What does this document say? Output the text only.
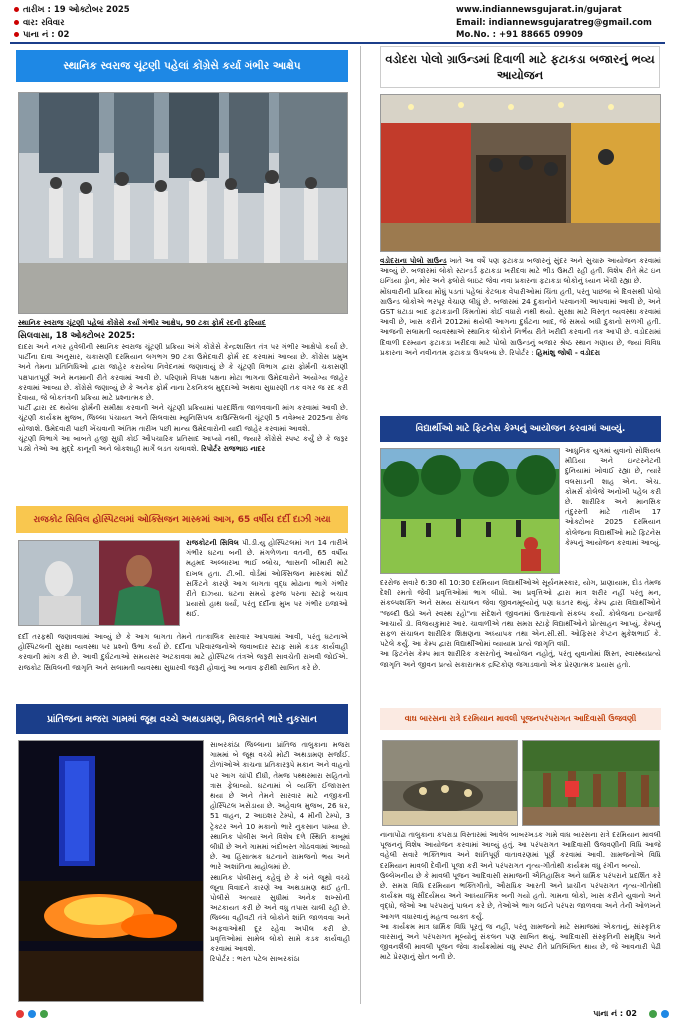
તારીખ : 19 ઓક્ટોબર 2025
વાર: રવિવાર
પાના નં : 02
www.indiannewsgujarat.in/gujarat
Email: indiannewsgujaratreg@gmail.com
Mo.No. : +91 88665 09909
સ્થાનિક સ્વરાજ ચૂંટણી પહેલાં કોંગ્રેસે કર્યા ગંભીર આક્ષેપ
સ્થાનિક સ્વરાજ ચૂંટણી પહેલાં કોંગ્રેસે કર્યા ગંભીર આક્ષેપ, 90 ટકા ફોર્મ રદની ફરિયાદ
સિલવાસા, 18 ઓક્ટોબર 2025:
દાદરા અને નગર હવેલીની સ્થાનિક સ્વરાજ ચૂંટણી પ્રક્રિયા અંગે કોંગ્રેસે કેન્દ્રશાસિત તંત્ર પર ગંભીર આક્ષેપો કર્યા છે. પાર્ટીના દાવા અનુસાર, ચકાસણી દરમિયાન લગભગ 90 ટકા ઉમેદવારી ફોર્મ રદ કરવામાં આવ્યા છે. કોંગ્રેસ પ્રમુખ અને તેમના પ્રતિનિધિઓ દ્વારા જાહેર કરાયેલા નિવેદનમાં જણાવાયું છે કે ચૂંટણી વિભાગ દ્વારા ફોર્મની ચકાસણી પક્ષપાતપૂર્ણ અને મનમાની રીતે કરવામાં આવી છે. પરિણામે વિપક્ષ પક્ષના મોટા ભાગના ઉમેદવારોને અયોગ્ય જાહેર કરવામાં આવ્યા છે. કોંગ્રેસે જણાવ્યું છે કે અનેક ફોર્મ નાના ટેકનિકલ મુદ્દાઓ અથવા સુધારણી તક વગર જ રદ કરી દેવાયા, જે લોકતંત્રની પ્રક્રિયા માટે પ્રશ્નાત્મક છે.
પાર્ટી દ્વારા રદ થયેલા ફોર્મની સમીક્ષા કરવાની અને ચૂંટણી પ્રક્રિયામાં પારદર્શિતા જાળવવાની માંગ કરવામાં આવી છે. ચૂંટણી કાર્યક્રમ મુજબ, જિલ્લા પંચાયત અને સિલવાસા મ્યુનિસિપલ કાઉન્સિલની ચૂંટણી 5 નવેમ્બર 2025ના રોજ યોજાશે. ઉમેદવારી પાછી ખેંચવાની અંતિમ તારીખ પછી માન્ય ઉમેદવારોની યાદી જાહેર કરવામાં આવશે.
ચૂંટણી વિભાગે આ બાબતે હજી સુધી કોઈ ઔપચારિક પ્રતિસાદ આપ્યો નથી, જ્યારે કોંગ્રેસે સ્પષ્ટ કર્યું છે કે જરૂર પડ્યે તેઓ આ મુદ્દે કાનૂની અને લોકશાહી માર્ગે લડત ચલાવશે. રિપોર્ટર રાજભાઇ નાદર
રાજકોટ સિવિલ હોસ્પિટલમાં ઓક્સિજન માસ્કમાં આગ, 65 વર્ષીય દર્દી દાઝી ગયા
રાજકોટની સિવિલ પી.ડી.યુ હોસ્પિટલમાં ગત 14 તારીખે ગંભીર ઘટના બની છે. મંગળેળના વતની, 65 વર્ષીય મહમદ અલ્લારખા ભાઈ બ્લોચ, શ્વાસની બીમારી માટે દાખલ હતા. ટી.બી. વોર્ડમાં ઓક્સિજન માસ્કમાં શોર્ટ સર્કિટને કારણે આગ લાગતા વૃદ્ધ મોઢાના ભાગે ગંભીર રીતે દાઝ્યા. ઘટના સમયે ફરજ પરના સ્ટાફે બચાવ પ્રયાસો હાથ ધર્યા, પરંતુ દર્દીના મુખ પર ગંભીર ઇજાઓ થઈ.
દર્દી તરફથી જણાવવામાં આવ્યું છે કે આગ લાગતા તેમને તાત્કાલિક સારવાર આપવામાં આવી, પરંતુ ઘટનાએ હોસ્પિટલની સુરક્ષા વ્યવસ્થા પર પ્રશ્નો ઉભા કર્યા છે. દર્દીના પરિવારજનોએ જવાબદાર સ્ટાફ સામે કડક કાર્યવાહી કરવાની માંગ કરી છે. આવી દુર્ઘટનાઓ સમયસર અટકાવવા માટે હોસ્પિટલ તંત્રએ જરૂરી સાવચેતી રાખવી જોઈએ. રાજકોટ સિવિલની જાગૃતિ અને સલામતી વ્યવસ્થા સુધારવી જરૂરી હોવાનું આ બનાવ ફરીથી સાબિત કરે છે.
પ્રાંતિજના મજરા ગામમાં જૂથ વચ્ચે અથડામણ, મિલકતને ભારે નુકસાન
સાબરકાંઠા જિલ્લાના પ્રાંતિજ તાલુકાના મજરા ગામમાં બે જૂથ વચ્ચે મોટી અથડામણ સર્જાઈ. ટોળાંઓએ કાચના પ્રતિકારરૂપે મકાન અને વાહનો પર આગ ચાંપી દીધી, તેમજ પથ્થરમારા સહિતનો ત્રાસ ફેલાવ્યો. ઘટનામાં બે વ્યક્તિ ઈજાગ્રસ્ત થયા છે અને તેમને સારવાર માટે નજીકની હોસ્પિટલ ખસેડાયા છે. અહેવાલ મુજબ, 26 ઘર, 51 વાહન, 2 આઇશર ટેમ્પો, 4 મીની ટેમ્પો, 3 ટ્રેક્ટર અને 10 મકાનો ભારે નુકસાન પામ્યા છે. સ્થાનિક પોલીસ અને વિશેષ દળે સ્થિતિ કાબૂમાં લીધી છે અને ગામમાં બંદોબસ્ત ગોઠવવામાં આવ્યો છે. આ હિંસાત્મક ઘટનાને ગ્રામજનો ભય અને ભારે અશાંતિના માહોલમાં છે.
સ્થાનિક પોલીસનું કહેવું છે કે બંને જૂથો વચ્ચે જૂના વિવાદને કારણે આ અથડામણ થઈ હતી. પોલીસે અત્યાર સુધીમાં અનેક શખ્સોની અટકાયત કરી છે અને વધુ તપાસ ચાલી રહી છે. જિલ્લા વહીવટી તંત્રે લોકોને શાંતિ જાળવવા અને અફવાઓથી દૂર રહેવા અપીલ કરી છે. પ્રવૃત્તિઓમાં સામેલ લોકો સામે કડક કાર્યવાહી કરવામાં આવશે.
રિપોર્ટર : ભરત પટેલ સાબરકાંઠા
વડોદરા પોલો ગ્રાઉન્ડમાં દિવાળી માટે ફટાકડા બજારનું ભવ્ય આયોજન
વડોદરાના પોલો ગ્રાઉન્ડ ખાતે આ વર્ષે પણ ફટાકડા બજારનું સુંદર અને સુચારુ આયોજન કરવામાં આવ્યું છે. બજારમાં લોકો સ્ટાન્ડર્ડ ફટાકડા ખરીદવા માટે ભીડ ઉમટી રહી હતી. વિશેષ રીતે મેટ ઇન ઇન્ડિયા ડ્રોન, મોર અને ફ્લોરો લાઇટ જેવા નવા પ્રકારના ફટાકડા લોકોનું ધ્યાન ખેંચી રહ્યા છે.
મોંઘવારીની પ્રક્રિયા મોંઘું પડતાં પહેલાં કેટલાક વેપારીઓમાં ચિંતા હતી, પરંતુ પાછલા બે દિવસથી પોલો ગ્રાઉન્ડ લોકોએ ભરપૂર વેચાણ લીધું છે. બજારમાં 24 દુકાનોને પરવાનગી આપવામાં આવી છે, અને GST ઘટાડા બાદ ફટાકડાની કિંમતોમાં કોઈ વધારો નથી થયો. સુરક્ષા માટે વિસ્તૃત વ્યવસ્થા કરવામાં આવી છે, ખાસ કરીને 2012માં થયેલી આગના દુર્ઘટના બાદ, જે સમયે બધી દુકાનો સળગી હતી. આજની સલામતી વ્યવસ્થાએ સ્થાનિક લોકોને નિર્ભય રીતે ખરીદી કરવાની તક આપી છે. વડોદરામાં દિવાળી દરમ્યાન ફટાકડા ખરીદવા માટે પોલો ગ્રાઉન્ડનું બજાર શ્રેષ્ઠ સ્થાન ગણાય છે, જ્યાં વિવિધ પ્રકારના અને નવીનતમ ફટાકડા ઉપલબ્ધ છે. રિપોર્ટર : હિમાંશુ જોષી - વડોદરા
વિદ્યાર્થીઓ માટે ફિટનેસ કેમ્પનું આયોજન કરવામાં આવ્યું.
આધુનિક યુગમાં યુવાનો સોશિયલ મીડિયા અને ઇન્ટરનેટની દુનિયામાં ખોવાઈ રહ્યા છે, ત્યારે વલસાડની શાહ એન. એચ. કોમર્સ કોલેજે અનોખી પહેલ કરી છે. શારીરિક અને માનસિક તંદુરસ્તી માટે તારીખ 17 ઓક્ટોબર 2025 દરમિયાન કોલેજના વિદ્યાર્થીઓ માટે ફિટનેસ કેમ્પનું આયોજન કરવામાં આવ્યું.
દરરોજ સવારે 6:30 થી 10:30 દરમિયાન વિદ્યાર્થીઓએ સૂર્યનમસ્કાર, યોગ, પ્રાણાયામ, દોડ તેમજ દેશી રમતો જેવી પ્રવૃત્તિઓમાં ભાગ લીધો. આ પ્રવૃત્તિઓ દ્વારા માત્ર શરીર નહીં પરંતુ મન, સંકલ્પશક્તિ અને સમય સંચાલન જેવા જીવનમૂલ્યોનું પણ ઘડતર થયું. કેમ્પ દ્વારા વિદ્યાર્થીઓને "જલ્દી ઉઠો અને સ્વસ્થ રહો"ના સંદેશને જીવનમાં ઉતારવાનો સંકલ્પ કર્યો. કોલેજના ઇન્ચાર્જ આચાર્યે ડૉ. વિજયકુમાર આર. ચાવાળીએ તથા સમગ્ર સ્ટાફે વિદ્યાર્થીઓને પ્રોત્સાહન આપ્યું. કેમ્પનું સફળ સંચાલન શારીરિક શિક્ષણના અધ્યાપક તથા એન.સી.સી. ઓફિસર કેપ્ટન મુકેશભાઈ કે. પટેલે કર્યું. આ કેમ્પ દ્વારા વિદ્યાર્થીઓમાં વ્યાયામ પ્રત્યે જાગૃતિ વધી.
આ ફિટનેસ કેમ્પ માત્ર શારીરિક કસરતોનું આયોજન નહોતું, પરંતુ યુવાનોમાં શિસ્ત, સ્વાસ્થ્યપ્રત્યે જાગૃતિ અને જીવન પ્રત્યે સકારાત્મક દ્રષ્ટિકોણ જગાડવાનો એક પ્રેરણાત્મક પ્રયાસ હતો.
વાઘ બારસના રાત્રે દરમિયાન માવલી પૂજનપરંપરાગત આદિવાસી ઉજવણી
નાનાપોંઢા તાલુકાના કપરાડા વિસ્તારમાં આવેલ બાબરખડક ગામે વાઘ બારસના રાત્રે દરમિયાન માવલી પૂજનનું વિશેષ આયોજન કરવામાં આવ્યું હતું. આ પરંપરાગત આદિવાસી ઉજવણીની વિધિ આજે વહેલી સવારે ભક્તિભાવ અને શાંતિપૂર્ણ વાતાવરણમાં પૂર્ણ કરવામાં આવી. ગ્રામજનોએ વિધિ દરમિયાન માવલી દેવીની પૂજા કરી અને પરંપરાગત નૃત્ય-ગીતોથી કાર્યક્રમ વધુ રંગીન બન્યો.
ઉલ્લેખનીય છે કે માવલી પૂજન આદિવાસી સમાજની ઐતિહાસિક અને ધાર્મિક પરંપરાને પ્રદર્શિત કરે છે. સમગ્ર વિધિ દરમિયાન ભક્તિગીતો, ઔરાધિક આરતી અને પ્રાચીન પરંપરાગત નૃત્ય-ગીતોથી કાર્યક્રમ વધુ સૌંદર્યમય અને આધ્યાત્મિક બની ગયો હતો. ગામના લોકો, ખાસ કરીને યુવાનો અને વૃદ્ધો, જેઓ આ પરંપરાનું પાલન કરે છે, તેઓએ ભાગ લઈને પરંપરા જાળવવા અને તેની ઓળખને આગળ વધારવાનું મહત્વ વ્યક્ત કર્યું.
આ કાર્યક્રમ માત્ર ધાર્મિક વિધિ પૂરતું જ નહીં, પરંતુ ગ્રામજનો માટે સમાજમાં એકતાનું, સાંસ્કૃતિક વારસાનું અને પરંપરાગત મૂલ્યોનું સંકલન પણ સાબિત થયું. આદિવાસી સંસ્કૃતિની સમૃદ્ધિ અને જીવનશૈલી માવલી પૂજન જેવા કાર્યક્રમોમાં વધુ સ્પષ્ટ રીતે પ્રતિબિંબિત થાય છે, જે આવનારી પેઢી માટે પ્રેરણાનું સ્રોત બની છે.
પાના નં : 02
